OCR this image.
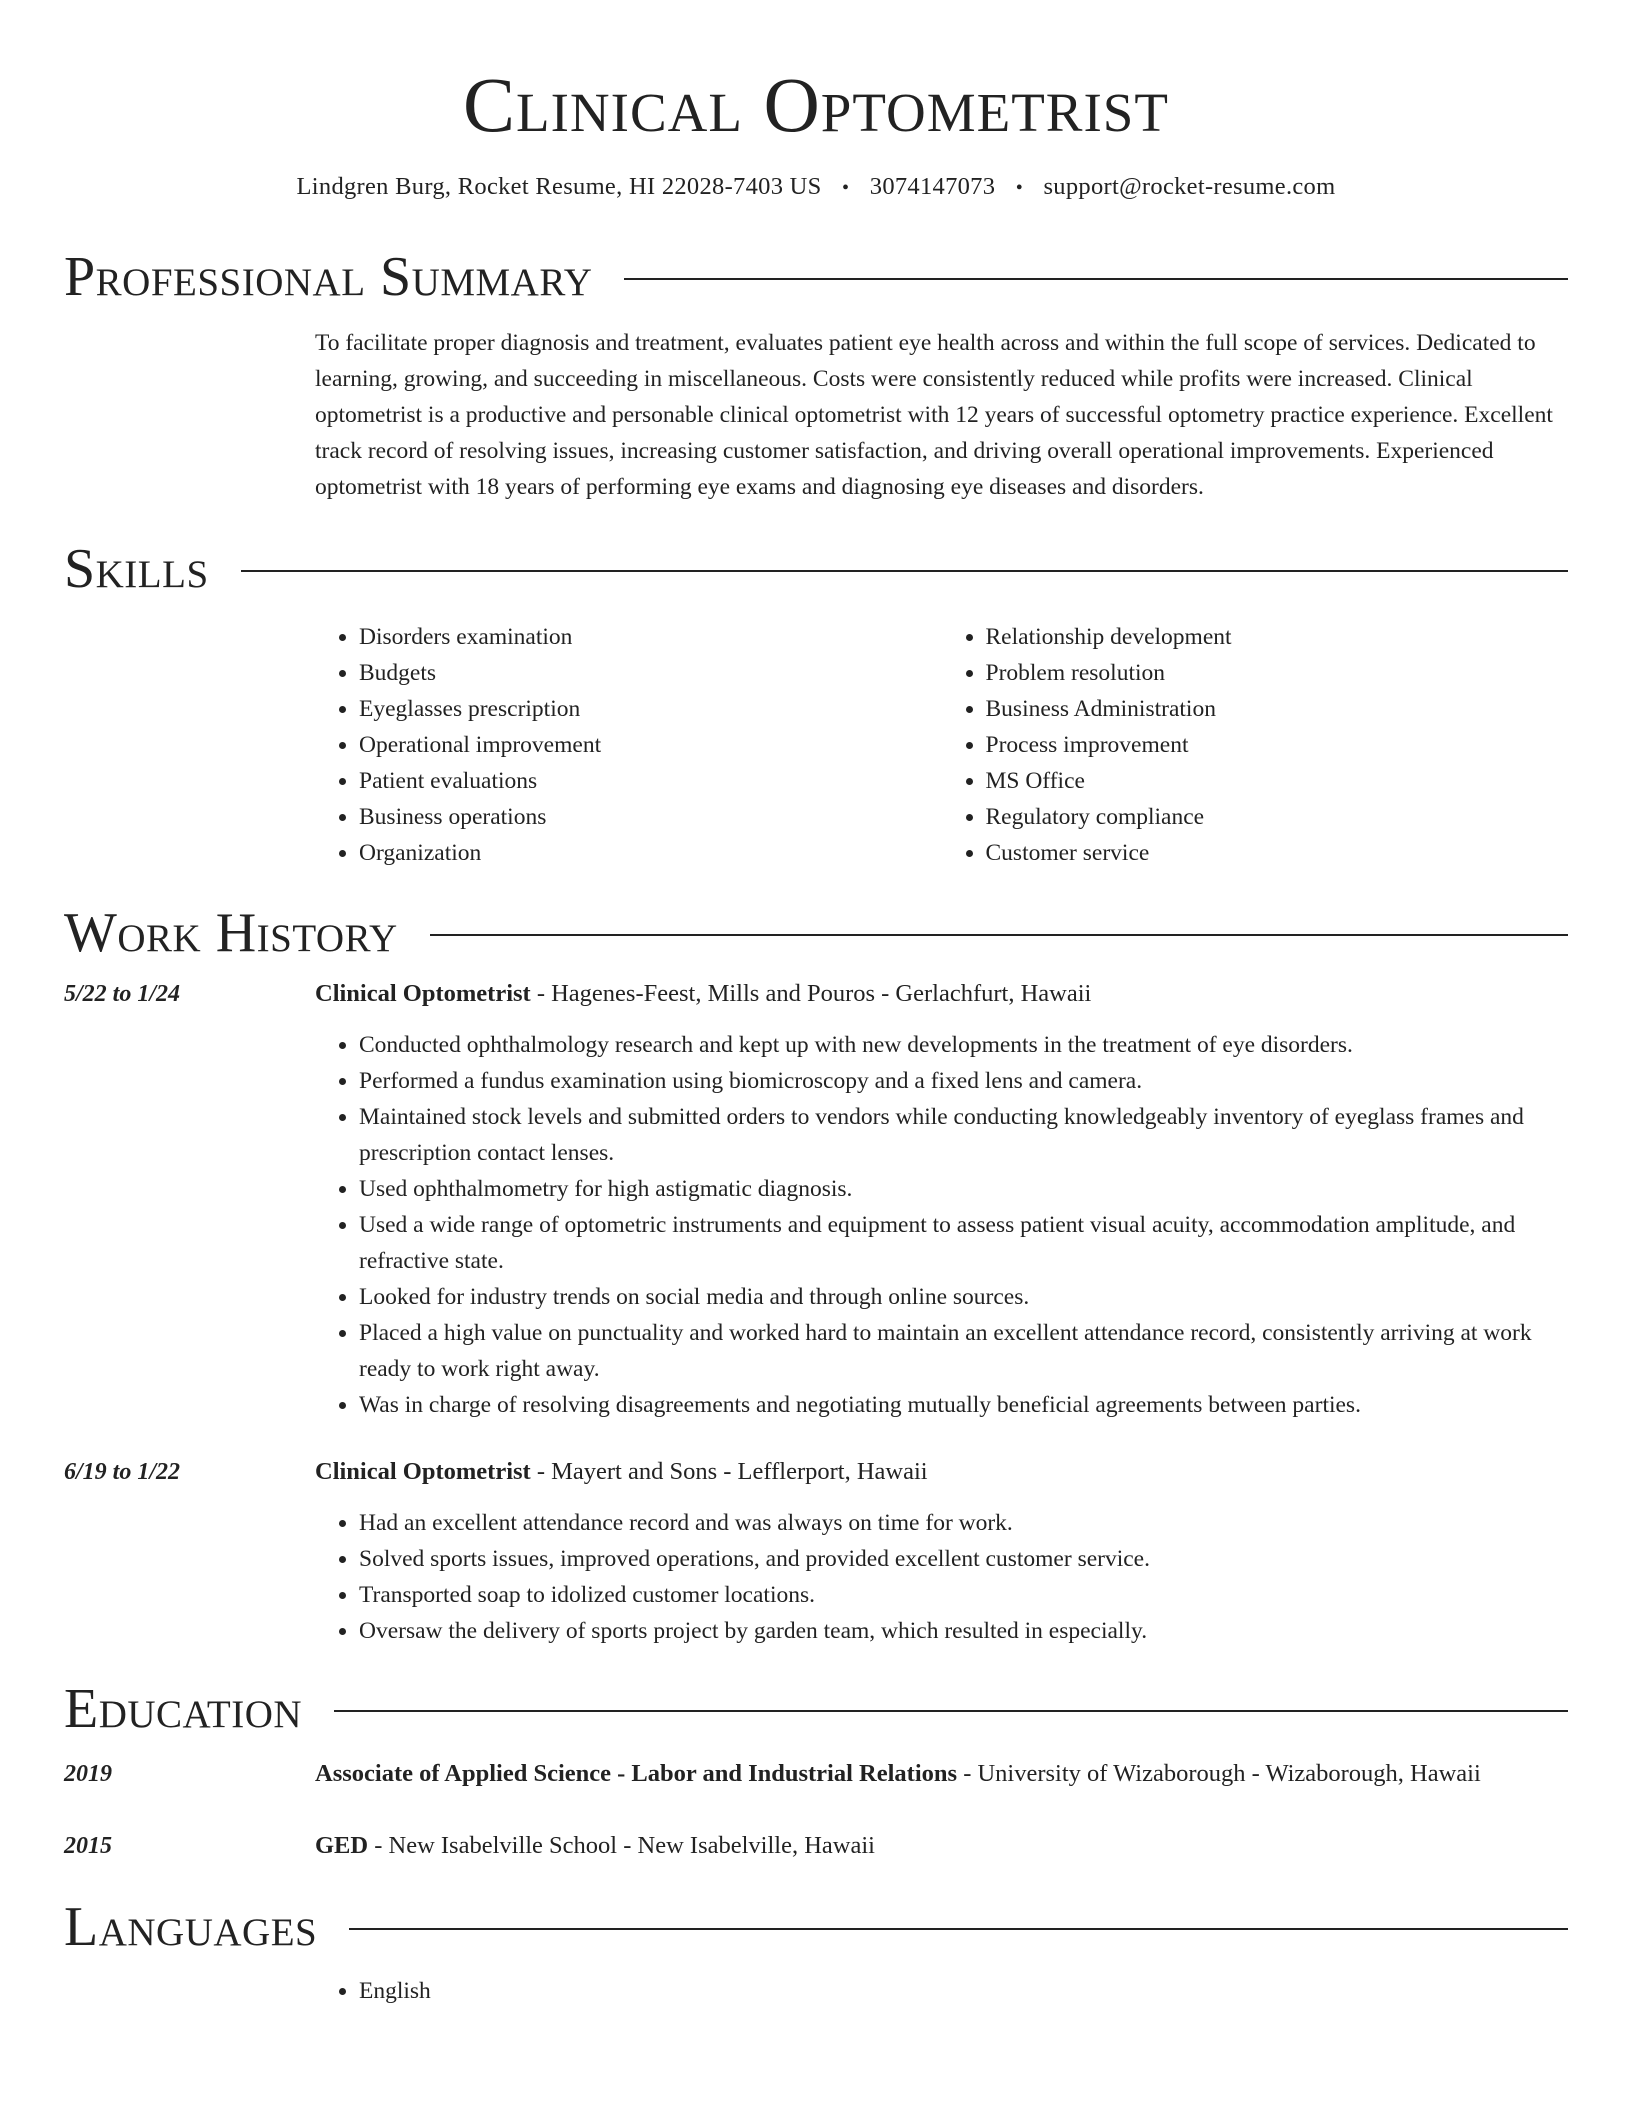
Clinical Optometrist
Lindgren Burg, Rocket Resume, HI 22028-7403 US • 3074147073 • support@rocket-resume.com
Professional Summary

To facilitate proper diagnosis and treatment, evaluates patient eye health across and within the full scope of services. Dedicated to learning, growing, and succeeding in miscellaneous. Costs were consistently reduced while profits were increased. Clinical optometrist is a productive and personable clinical optometrist with 12 years of successful optometry practice experience. Excellent track record of resolving issues, increasing customer satisfaction, and driving overall operational improvements. Experienced optometrist with 18 years of performing eye exams and diagnosing eye diseases and disorders.

Skills
• Disorders examination
• Budgets
• Eyeglasses prescription
• Operational improvement
• Patient evaluations
• Business operations
• Organization
• Relationship development
• Problem resolution
• Business Administration
• Process improvement
• MS Office
• Regulatory compliance
• Customer service
Work History
5/22 to 1/24	Clinical Optometrist - Hagenes-Feest, Mills and Pouros - Gerlachfurt, Hawaii
• Conducted ophthalmology research and kept up with new developments in the treatment of eye disorders.
• Performed a fundus examination using biomicroscopy and a fixed lens and camera.
• Maintained stock levels and submitted orders to vendors while conducting knowledgeably inventory of eyeglass frames and prescription contact lenses.
• Used ophthalmometry for high astigmatic diagnosis.
• Used a wide range of optometric instruments and equipment to assess patient visual acuity, accommodation amplitude, and refractive state.
• Looked for industry trends on social media and through online sources.
• Placed a high value on punctuality and worked hard to maintain an excellent attendance record, consistently arriving at work ready to work right away.
• Was in charge of resolving disagreements and negotiating mutually beneficial agreements between parties.
6/19 to 1/22	Clinical Optometrist - Mayert and Sons - Lefflerport, Hawaii
• Had an excellent attendance record and was always on time for work.
• Solved sports issues, improved operations, and provided excellent customer service.
• Transported soap to idolized customer locations.
• Oversaw the delivery of sports project by garden team, which resulted in especially.
Education
2019	Associate of Applied Science - Labor and Industrial Relations - University of Wizaborough - Wizaborough, Hawaii
2015	GED - New Isabelville School - New Isabelville, Hawaii
Languages
• English
